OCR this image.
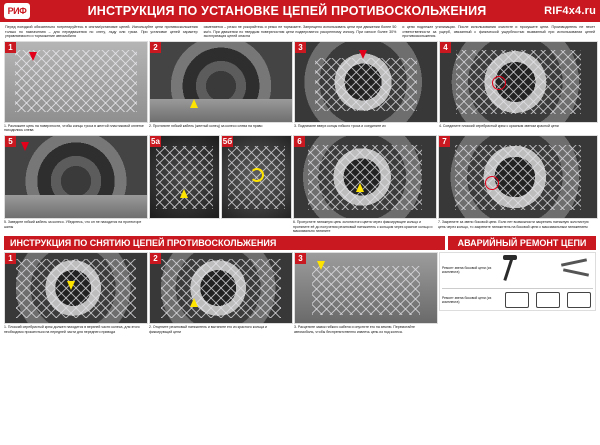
РИФ	ИНСТРУКЦИЯ ПО УСТАНОВКЕ ЦЕПЕЙ ПРОТИВОСКОЛЬЖЕНИЯ	RIF4x4.ru

Перед поездкой обязательно потренируйтесь в снятии/установке цепей. Используйте цепи противоскольжения только по назначению – для передвижения по снегу, льду или грязи. При установке цепей характер управляемости и торможение автомобиля

изменяется – резко не ускоряйтесь и резко не тормозите. Запрещено использовать цепи при движении более 50 км/ч. При движении по твердым поверхностям цепи подвергаются ускоренному износу. При износе более 30% эксплуатация цепей опасна

и цепи подлежат утилизации. После использования очистите и просушите цепи. Производитель не несет ответственности за ущерб, связанный с физической ущербностью вызванный при использовании цепей противоскольжения.

1
1. Разложите цепь на поверхности, чтобы концы троса в желтой пластиковой оплетке находились слева
2
2. Протяните гибкий кабель (желтый конец) за колесо слева на право
3
3. Поднимите вверх концы гибкого троса и соедините их
4
4. Соедините плоский серебристый крюк с красным звеном красной цепи
5
5. Заведите гибкий кабель за колесо. Убедитесь, что он не находится на протекторе шины
5a	5б	6
6. Пропустите натяжную цепь золотистого цвета через фиксирующее кольцо и протяните её до получения резиновый натяжитель с кольцом через красное кольцо и максимально натяните
7
7. Закрепите за звено боковой цепи. Если нет возможности закрепить натяжную золотистую цепь через кольцо, то закрепите натяжитель на боковой цепи с максимальным натяжением
ИНСТРУКЦИЯ ПО СНЯТИЮ ЦЕПЕЙ ПРОТИВОСКОЛЬЖЕНИЯ	АВАРИЙНЫЙ РЕМОНТ ЦЕПИ
1
1. Плоский серебристый крюк должен находится в верхней части колеса, для этого необходимо прокатиться на передней части для переднего привода
2
2. Отцепите резиновый натяжитель и вытяните его из красного кольца и фиксирующий цепи
3
3. Расцепите замок гибкого кабеля и опустите его на землю. Перемотайте автомобиль, чтобы беспрепятственно извлечь цепь из под колеса.
Ремонт звена боковой цепи (из комплекта)
Ремонт звена боковой цепи (из комплекта)
